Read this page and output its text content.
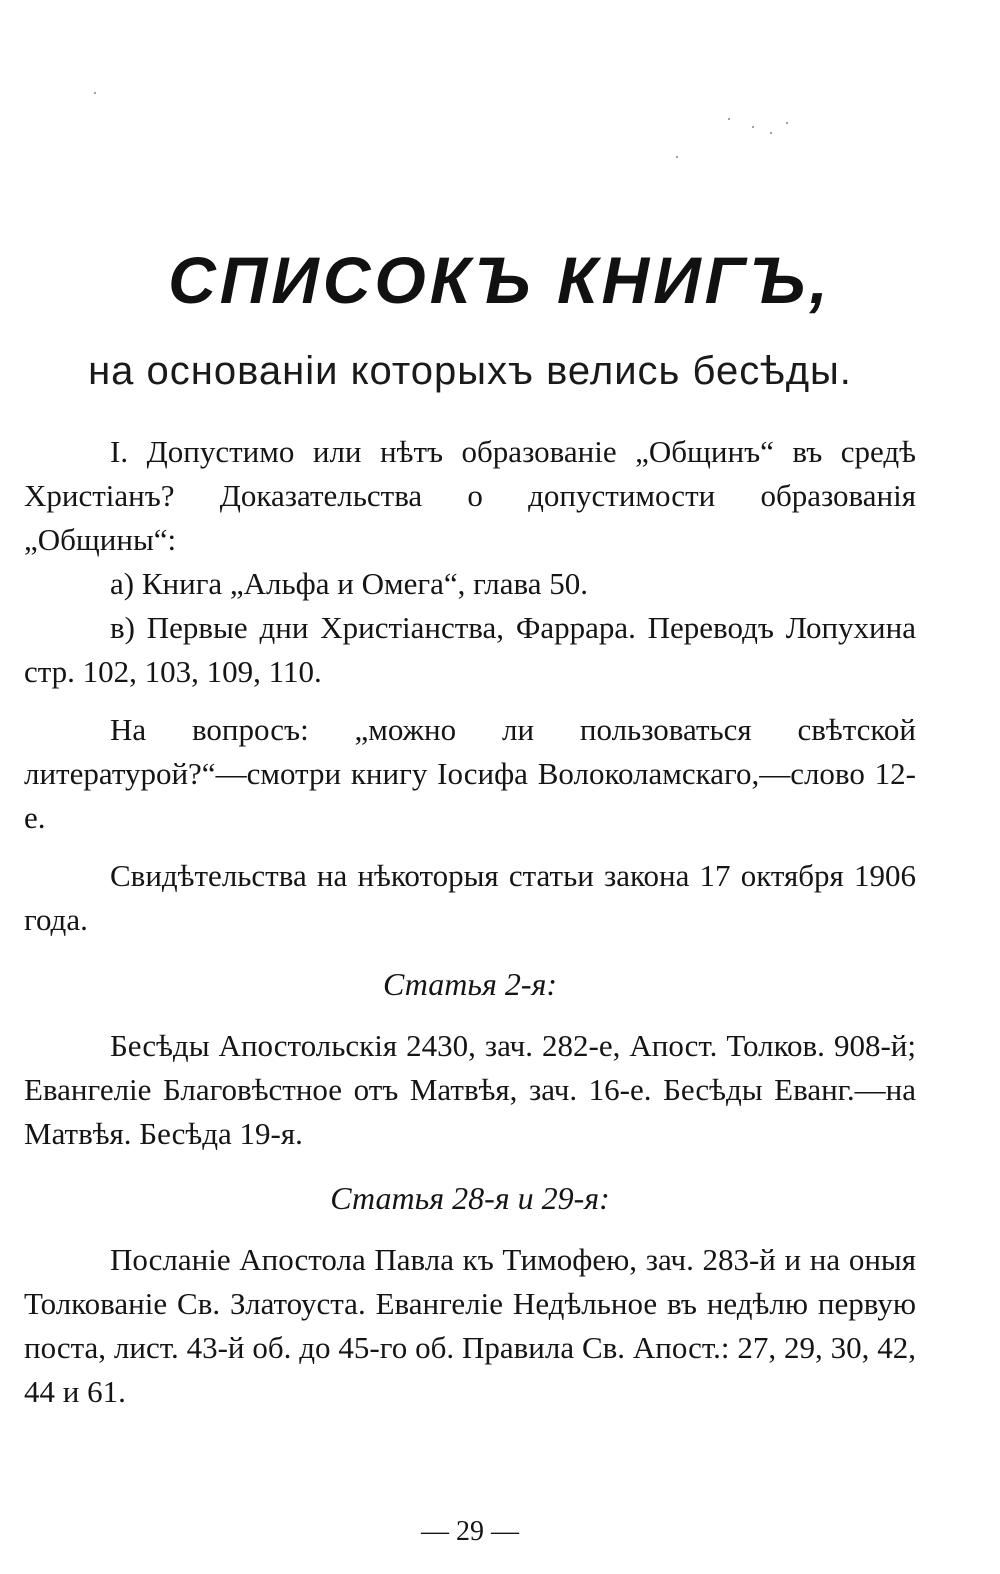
СПИСОКЪ КНИГЪ,
на основанiи которыхъ велись бесѣды.

I. Допустимо или нѣтъ образованіе „Общинъ“ въ средѣ Христіанъ? Доказательства о допустимости образованія „Общины“:

а) Книга „Альфа и Омега“, глава 50.

в) Первые дни Христіанства, Фаррара. Переводъ Лопухина стр. 102, 103, 109, 110.

На вопросъ: „можно ли пользоваться свѣтской литературой?“—смотри книгу Іосифа Волоколамскаго,—слово 12-е.

Свидѣтельства на нѣкоторыя статьи закона 17 октября 1906 года.

Статья 2-я:

Бесѣды Апостольскія 2430, зач. 282-е, Апост. Толков. 908-й; Евангеліе Благовѣстное отъ Матвѣя, зач. 16-е. Бесѣды Еванг.—на Матвѣя. Бесѣда 19-я.

Статья 28-я и 29-я:

Посланіе Апостола Павла къ Тимофею, зач. 283-й и на оныя Толкованіе Св. Златоуста. Евангеліе Недѣльное въ недѣлю первую поста, лист. 43-й об. до 45-го об. Правила Св. Апост.: 27, 29, 30, 42, 44 и 61.

— 29 —
